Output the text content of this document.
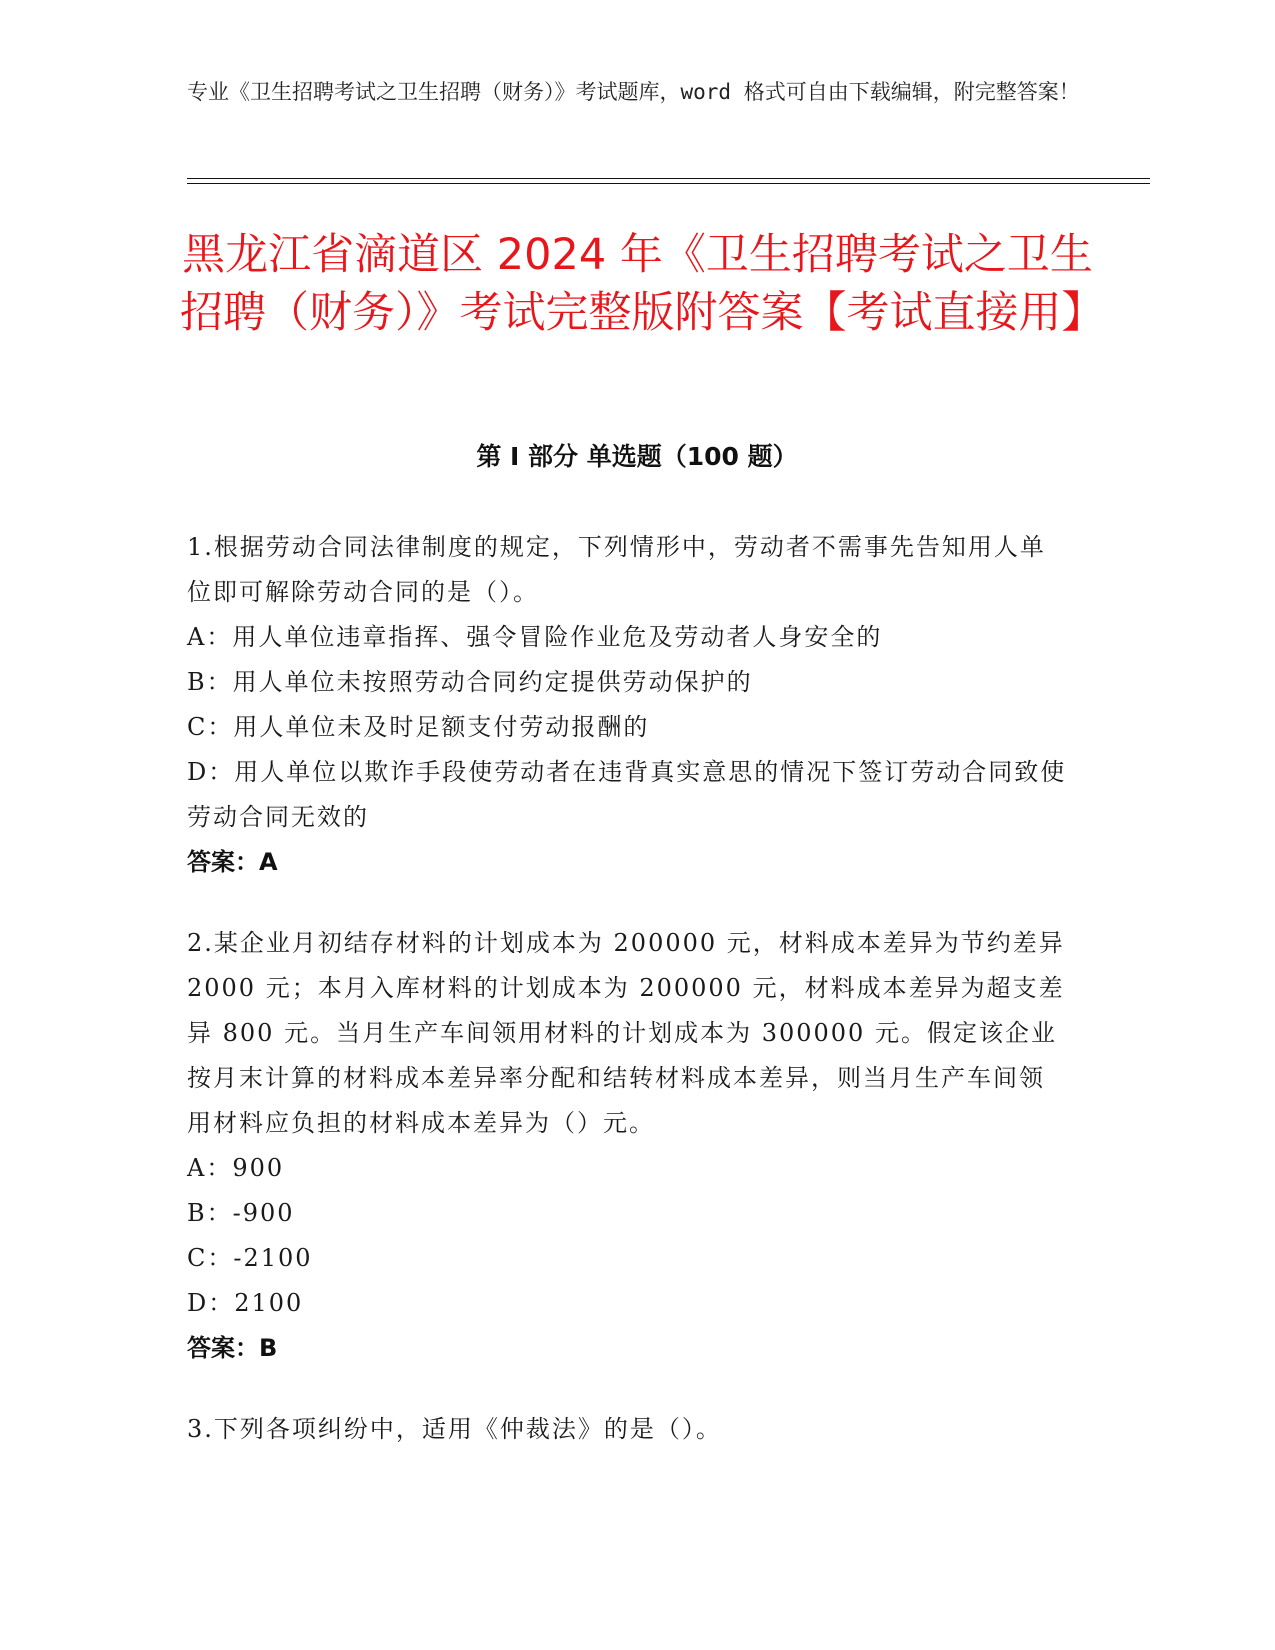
专业《卫生招聘考试之卫生招聘（财务）》考试题库，word 格式可自由下载编辑，附完整答案！
黑龙江省滴道区 2024 年《卫生招聘考试之卫生招聘（财务）》考试完整版附答案【考试直接用】
第 I 部分 单选题（100 题）

1.根据劳动合同法律制度的规定，下列情形中，劳动者不需事先告知用人单位即可解除劳动合同的是（）。

A：用人单位违章指挥、强令冒险作业危及劳动者人身安全的

B：用人单位未按照劳动合同约定提供劳动保护的

C：用人单位未及时足额支付劳动报酬的

D：用人单位以欺诈手段使劳动者在违背真实意思的情况下签订劳动合同致使劳动合同无效的

答案：A

2.某企业月初结存材料的计划成本为 200000 元，材料成本差异为节约差异 2000 元；本月入库材料的计划成本为 200000 元，材料成本差异为超支差异 800 元。当月生产车间领用材料的计划成本为 300000 元。假定该企业按月末计算的材料成本差异率分配和结转材料成本差异，则当月生产车间领用材料应负担的材料成本差异为（）元。

A：900

B：-900

C：-2100

D：2100

答案：B

3.下列各项纠纷中，适用《仲裁法》的是（）。
